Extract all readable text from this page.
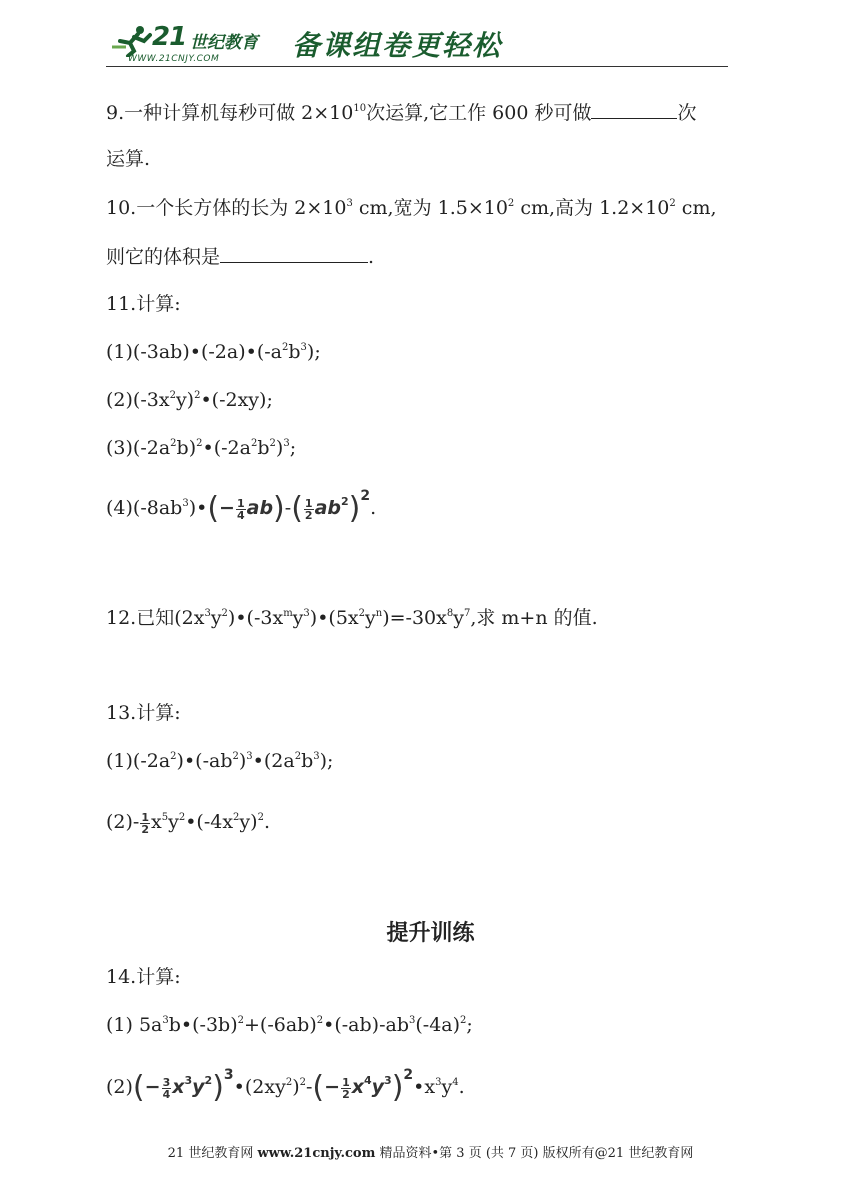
21 世纪教育
WWW.21CNJY.COM	备课组卷更轻松
9.一种计算机每秒可做 $2\times 10^{10}$次运算,它工作 600 秒可做	次
运算.
10.一个长方体的长为 $2\times 10^3$ cm,宽为 $1.5\times 10^2$ cm,高为 $1.2\times 10^2$ cm,
则它的体积是	.
11.计算:
$(1)(-3ab)•(-2a)•(-a^2b^3)$;
$(2)(-3x^2y)^2•(-2xy)$;
$(3)(-2a^2b)^2•(-2a^2b^2)^3$;
$(4)(-8ab^3)•(- \frac{1}{4} ab)-( \frac{1}{2} ab^2)^2$.
12.已知$(2x^3y^2)•(-3x^my^3)•(5x^2y^n)=-30x^8y^7$,求 m+n 的值.
13.计算:
$(1)(-2a^2)•(-ab^2)^3•(2a^2b^3)$;
$(2)- \frac{1}{2}$ $x^5y^2•(-4x^2y)^2$.
提升训练
14.计算:
(1) $5a^3b•(-3b)^2+(-6ab)^2•(-ab)-ab^3(-4a)^2$;
$(2)(- \frac{3}{4}$ $x^3y^2)^3•(2xy^2)^2-(- \frac{1}{2}$ $x^4y^3)^2•x^3y^4$.
21 世纪教育网 www.21cnjy.com 精品资料•第 3 页 (共 7 页) 版权所有@21 世纪教育网
